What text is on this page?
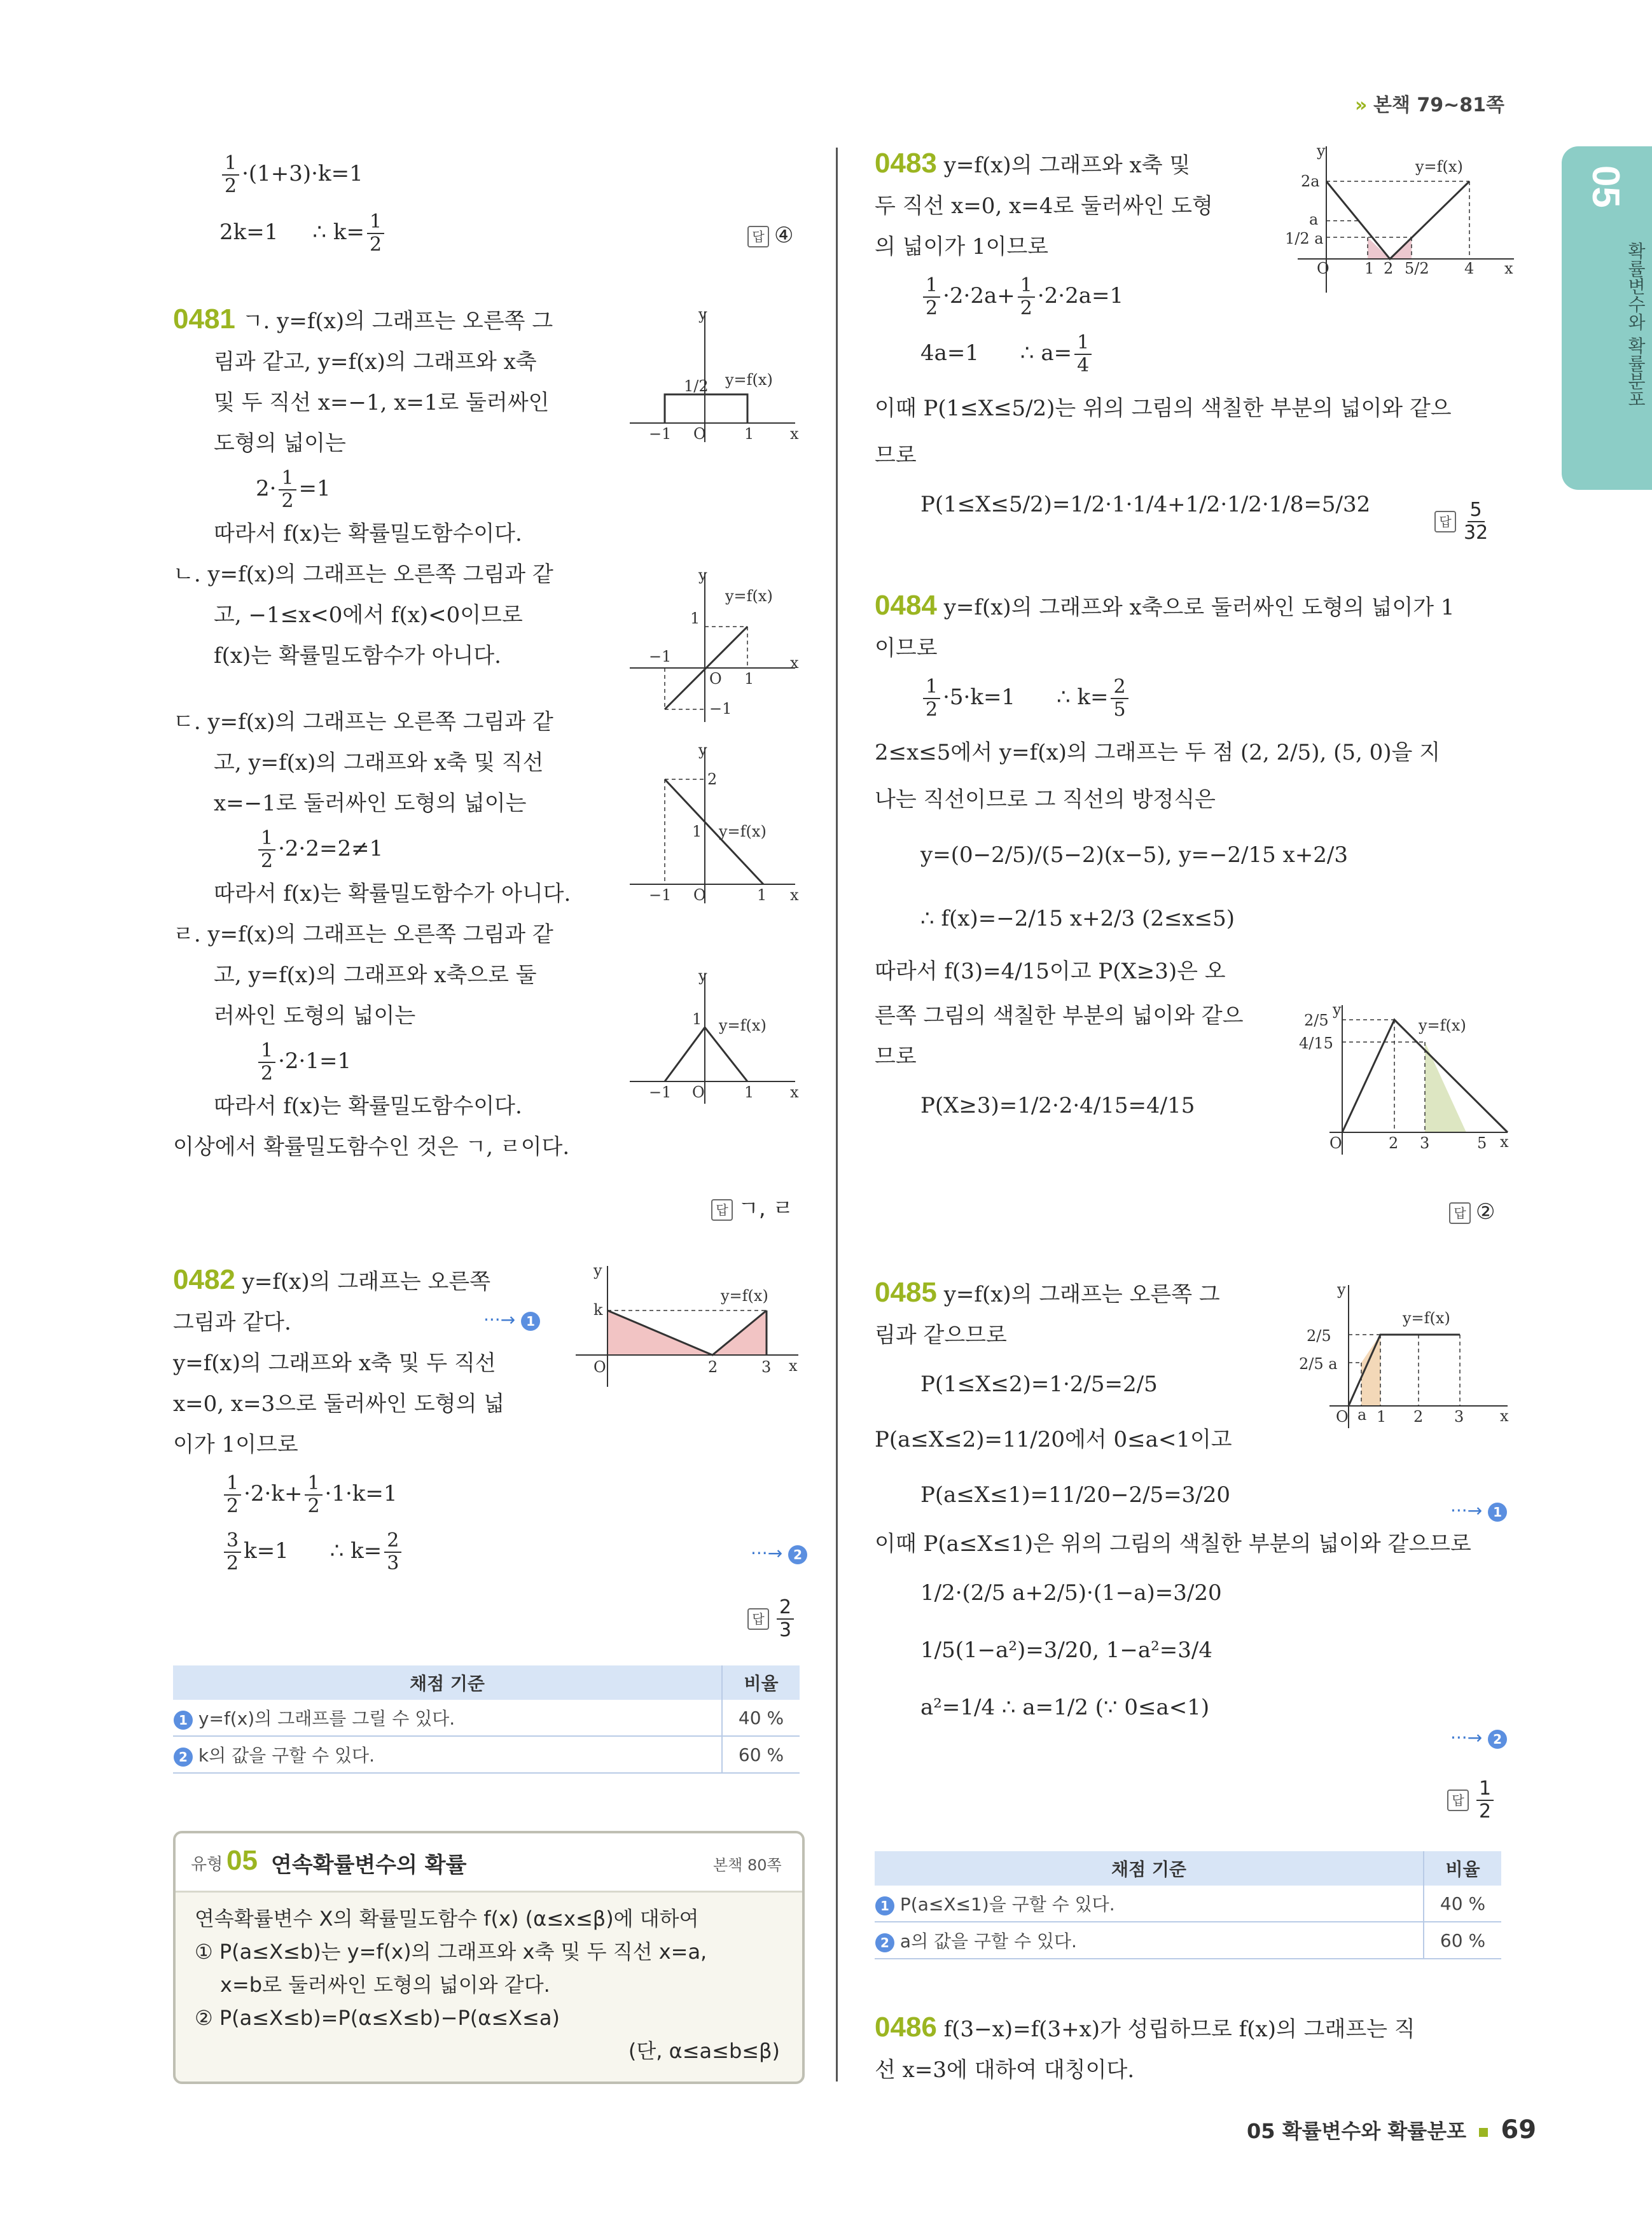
» 본책 79~81쪽
05
확률변수와 확률분포
$\frac{1}{2} \cdot(1+3)\cdot k=1$
2k=1 ∴ $k= \frac{1}{2}$	답 ④
0481 ㄱ. y=f(x)의 그래프는 오른쪽 그
림과 같고, y=f(x)의 그래프와 x축
및 두 직선 x=−1, x=1로 둘러싸인
도형의 넓이는
$2\cdot \frac{1}{2} =1$
따라서 f(x)는 확률밀도함수이다.
ㄴ. y=f(x)의 그래프는 오른쪽 그림과 같
고, −1≤x<0에서 f(x)<0이므로
f(x)는 확률밀도함수가 아니다.
ㄷ. y=f(x)의 그래프는 오른쪽 그림과 같
고, y=f(x)의 그래프와 x축 및 직선
x=−1로 둘러싸인 도형의 넓이는
$\frac{1}{2} \cdot 2\cdot 2=2\ne 1$
따라서 f(x)는 확률밀도함수가 아니다.
ㄹ. y=f(x)의 그래프는 오른쪽 그림과 같
고, y=f(x)의 그래프와 x축으로 둘
러싸인 도형의 넓이는
$\frac{1}{2} \cdot 2\cdot 1=1$
따라서 f(x)는 확률밀도함수이다.
이상에서 확률밀도함수인 것은 ㄱ, ㄹ이다.
답 ㄱ, ㄹ
y
x
O
−1	1
1/2 y=f(x)
y
x
O
−1
1
1
−1
y=f(x)
y
x
O
−1	1
2
1 y=f(x)
y
x
O
−1	1
1 y=f(x)
0482 y=f(x)의 그래프는 오른쪽
그림과 같다.
y=f(x)의 그래프와 x축 및 두 직선
x=0, x=3으로 둘러싸인 도형의 넓
이가 1이므로
$\frac{1}{2} \cdot 2\cdot k+ \frac{1}{2} \cdot 1\cdot k=1$
$\frac{3}{2} k=1$ ∴ $k= \frac{2}{3}$
···→ 1
···→ 2
답 $\frac{2}{3}$
y
x
O	2	3
k
y=f(x)
채점 기준	비율
1 y=f(x)의 그래프를 그릴 수 있다.	40 %
2 k의 값을 구할 수 있다.	60 %
유형 05 연속확률변수의 확률	본책 80쪽
연속확률변수 X의 확률밀도함수 f(x) (α≤x≤β)에 대하여
① P(a≤X≤b)는 y=f(x)의 그래프와 x축 및 두 직선 x=a,
x=b로 둘러싸인 도형의 넓이와 같다.
② P(a≤X≤b)=P(α≤X≤b)−P(α≤X≤a)
(단, α≤a≤b≤β)
0483 y=f(x)의 그래프와 x축 및
두 직선 x=0, x=4로 둘러싸인 도형
의 넓이가 1이므로
$\frac{1}{2} \cdot 2\cdot 2a+ \frac{1}{2} \cdot 2\cdot 2a=1$
4a=1 ∴ $a= \frac{1}{4}$
이때 P(1≤X≤5/2)는 위의 그림의 색칠한 부분의 넓이와 같으
므로
P(1≤X≤5/2)=1/2·1·1/4+1/2·1/2·1/8=5/32
답 $\frac{5}{32}$
y
x
O 1 2 5/2 4
2a
a
1/2 a
y=f(x)
0484 y=f(x)의 그래프와 x축으로 둘러싸인 도형의 넓이가 1
이므로
$\frac{1}{2} \cdot 5\cdot k=1$ ∴ $k= \frac{2}{5}$
2≤x≤5에서 y=f(x)의 그래프는 두 점 (2, 2/5), (5, 0)을 지
나는 직선이므로 그 직선의 방정식은
y=(0−2/5)/(5−2)(x−5), y=−2/15 x+2/3
∴ f(x)=−2/15 x+2/3 (2≤x≤5)
따라서 f(3)=4/15이고 P(X≥3)은 오
른쪽 그림의 색칠한 부분의 넓이와 같으
므로
P(X≥3)=1/2·2·4/15=4/15
답 ②
y
x
O	2 3	5
2/5
4/15
y=f(x)
0485 y=f(x)의 그래프는 오른쪽 그
림과 같으므로
P(1≤X≤2)=1·2/5=2/5
P(a≤X≤2)=11/20에서 0≤a<1이고
P(a≤X≤1)=11/20−2/5=3/20
이때 P(a≤X≤1)은 위의 그림의 색칠한 부분의 넓이와 같으므로
1/2·(2/5 a+2/5)·(1−a)=3/20
1/5(1−a²)=3/20, 1−a²=3/4
a²=1/4 ∴ a=1/2 (∵ 0≤a<1)
···→ 1
···→ 2
답 $\frac{1}{2}$
y
x
O a 1 2 3
2/5
2/5 a
y=f(x)
채점 기준	비율
1 P(a≤X≤1)을 구할 수 있다.	40 %
2 a의 값을 구할 수 있다.	60 %
0486 f(3−x)=f(3+x)가 성립하므로 f(x)의 그래프는 직
선 x=3에 대하여 대칭이다.
05 확률변수와 확률분포 69
